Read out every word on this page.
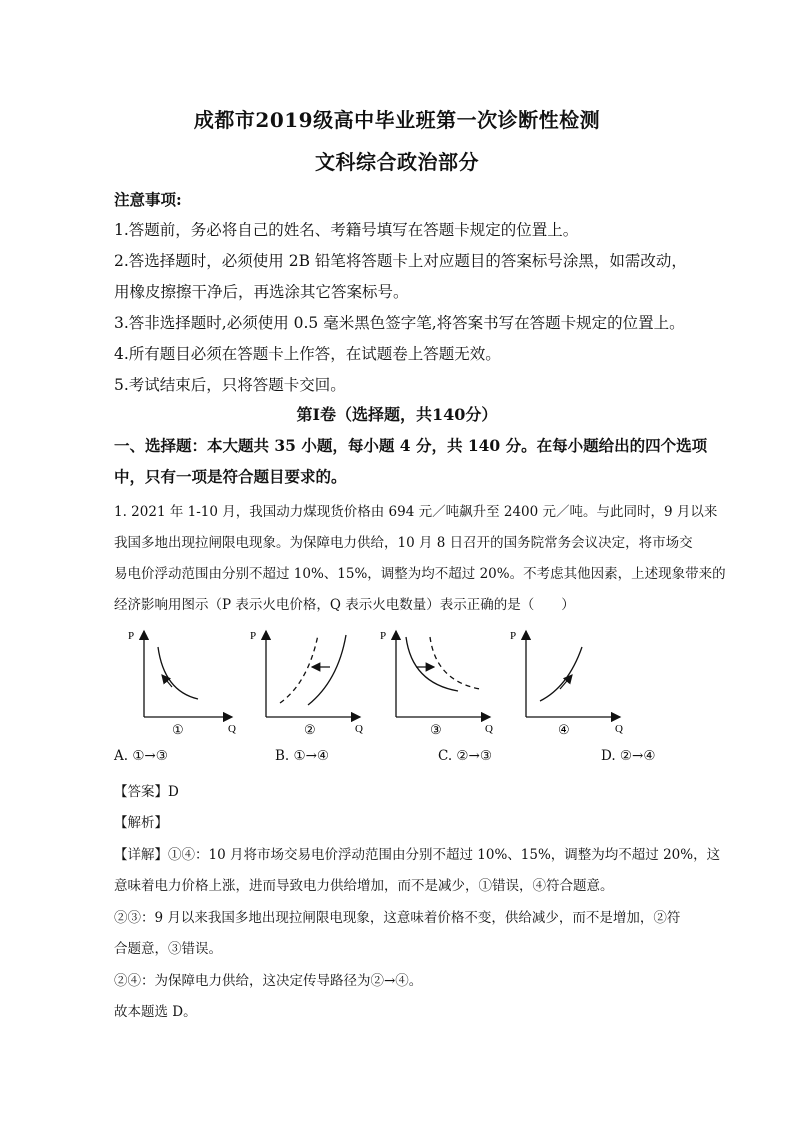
成都市2019级高中毕业班第一次诊断性检测
文科综合政治部分
注意事项:
1.答题前，务必将自己的姓名、考籍号填写在答题卡规定的位置上。
2.答选择题时，必须使用 2B 铅笔将答题卡上对应题目的答案标号涂黑，如需改动，
用橡皮擦擦干净后，再选涂其它答案标号。
3.答非选择题时,必须使用 0.5 毫米黑色签字笔,将答案书写在答题卡规定的位置上。
4.所有题目必须在答题卡上作答，在试题卷上答题无效。
5.考试结束后，只将答题卡交回。
第Ⅰ卷（选择题，共140分）
一、选择题：本大题共 35 小题，每小题 4 分，共 140 分。在每小题给出的四个选项
中，只有一项是符合题目要求的。
1. 2021 年 1-10 月，我国动力煤现货价格由 694 元／吨飙升至 2400 元／吨。与此同时，9 月以来
我国多地出现拉闸限电现象。为保障电力供给，10 月 8 日召开的国务院常务会议决定，将市场交
易电价浮动范围由分别不超过 10%、15%，调整为均不超过 20%。不考虑其他因素，上述现象带来的
经济影响用图示（P 表示火电价格，Q 表示火电数量）表示正确的是（　　）
P
Q
①
P
Q
②
P
Q
③
P
Q
④
A. ①→③	B. ①→④	C. ②→③	D. ②→④
【答案】D
【解析】
【详解】①④：10 月将市场交易电价浮动范围由分别不超过 10%、15%，调整为均不超过 20%，这
意味着电力价格上涨，进而导致电力供给增加，而不是减少，①错误，④符合题意。
②③：9 月以来我国多地出现拉闸限电现象，这意味着价格不变，供给减少，而不是增加，②符
合题意，③错误。
②④：为保障电力供给，这决定传导路径为②→④。
故本题选 D。
